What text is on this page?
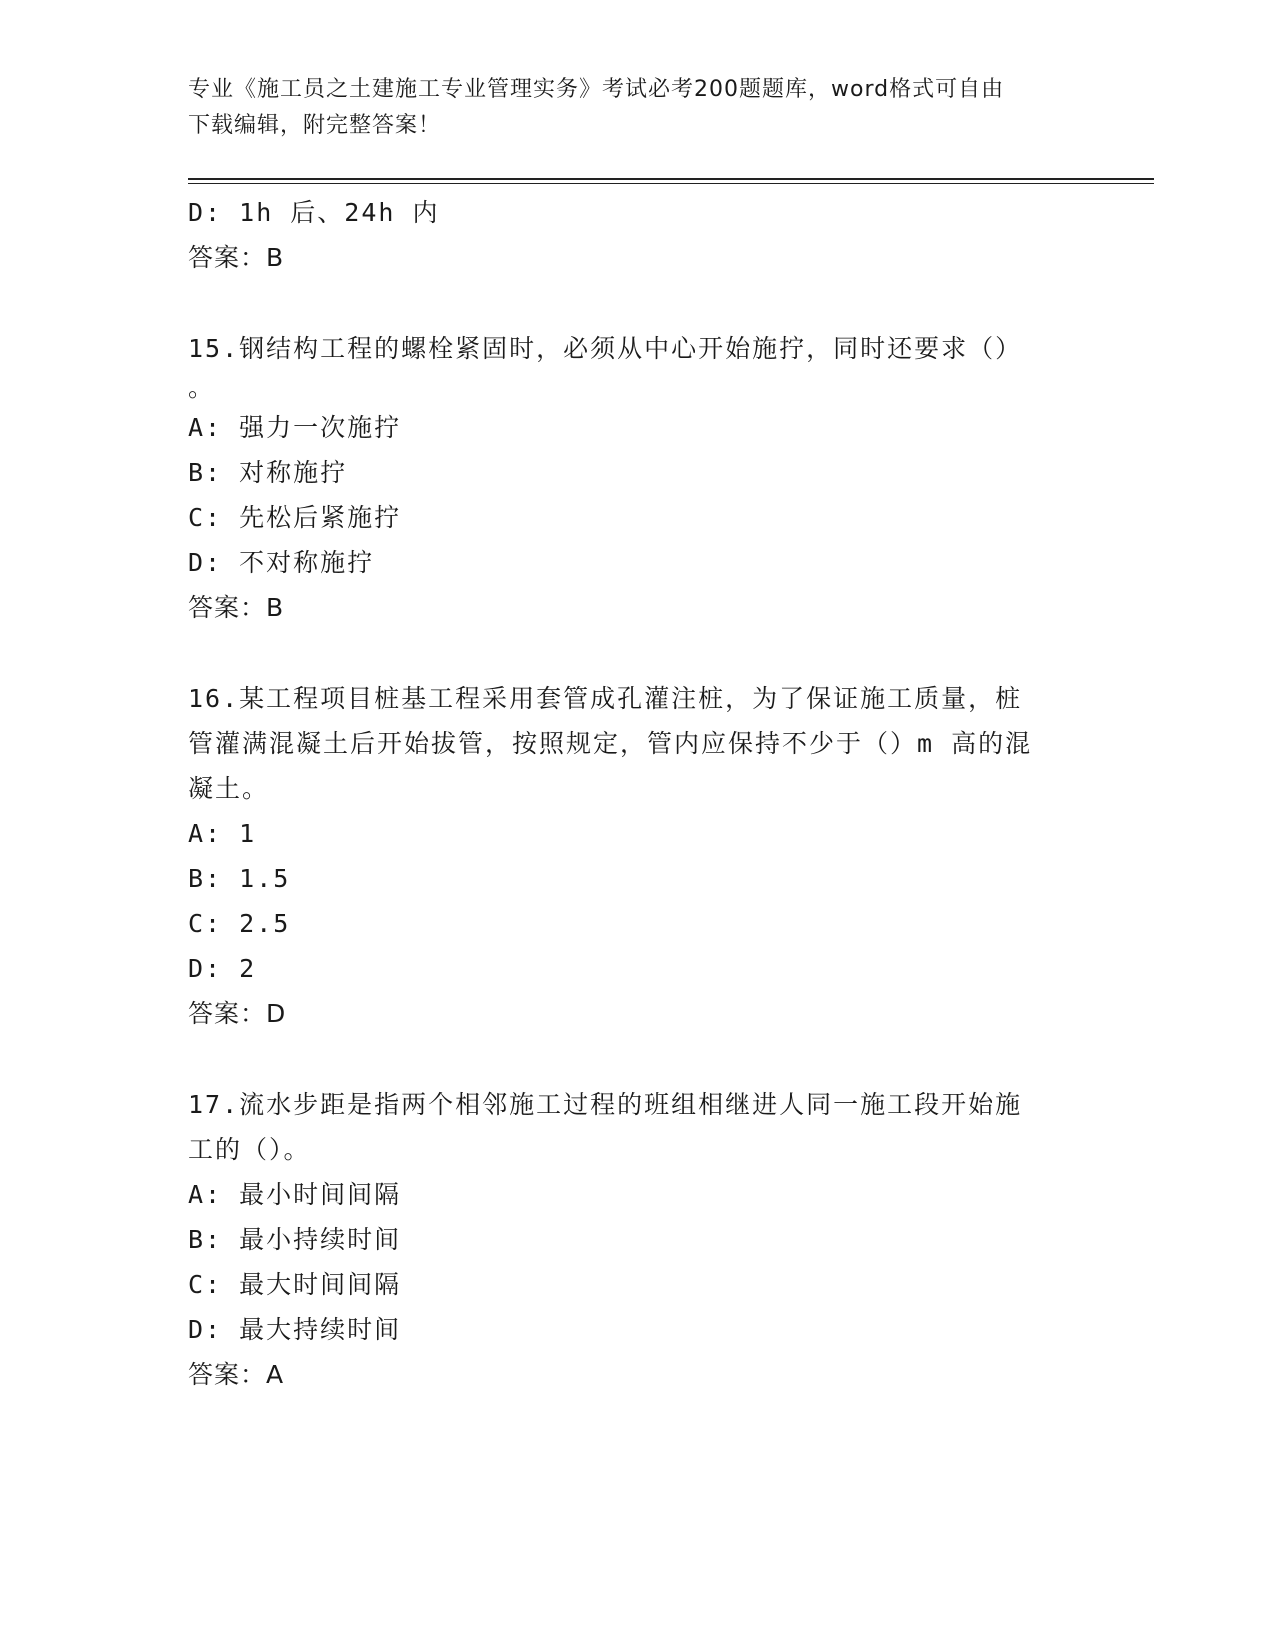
专业《施工员之土建施工专业管理实务》考试必考200题题库，word格式可自由
下载编辑，附完整答案！

D: 1h 后、24h 内

答案：B

15.钢结构工程的螺栓紧固时，必须从中心开始施拧，同时还要求（）

。

A: 强力一次施拧

B: 对称施拧

C: 先松后紧施拧

D: 不对称施拧

答案：B

16.某工程项目桩基工程采用套管成孔灌注桩，为了保证施工质量，桩

管灌满混凝土后开始拔管，按照规定，管内应保持不少于（）m 高的混

凝土。

A: 1

B: 1.5

C: 2.5

D: 2

答案：D

17.流水步距是指两个相邻施工过程的班组相继进人同一施工段开始施

工的（）。

A: 最小时间间隔

B: 最小持续时间

C: 最大时间间隔

D: 最大持续时间

答案：A
